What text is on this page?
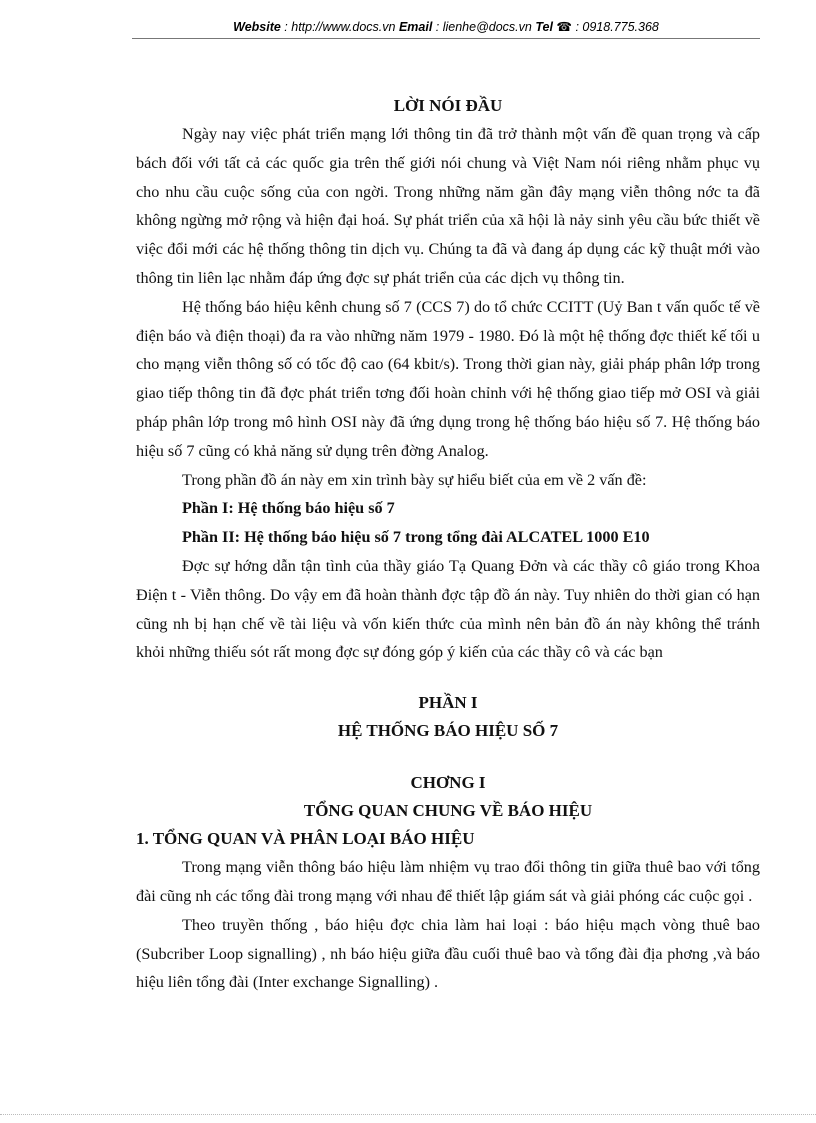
Website : http://www.docs.vn Email : lienhe@docs.vn Tel ☎ : 0918.775.368

LỜI NÓI ĐẦU

Ngày nay việc phát triển mạng lới thông tin đã trở thành một vấn đề quan trọng và cấp bách đối với tất cả các quốc gia trên thế giới nói chung và Việt Nam nói riêng nhằm phục vụ cho nhu cầu cuộc sống của con ngời. Trong những năm gần đây mạng viễn thông nớc ta đã không ngừng mở rộng và hiện đại hoá. Sự phát triển của xã hội là nảy sinh yêu cầu bức thiết về việc đổi mới các hệ thống thông tin dịch vụ. Chúng ta đã và đang áp dụng các kỹ thuật mới vào thông tin liên lạc nhằm đáp ứng đợc sự phát triển của các dịch vụ thông tin.

Hệ thống báo hiệu kênh chung số 7 (CCS 7) do tổ chức CCITT (Uỷ Ban t vấn quốc tế về điện báo và điện thoại) đa ra vào những năm 1979 - 1980. Đó là một hệ thống đợc thiết kế tối u cho mạng viễn thông số có tốc độ cao (64 kbit/s). Trong thời gian này, giải pháp phân lớp trong giao tiếp thông tin đã đợc phát triển tơng đối hoàn chỉnh với hệ thống giao tiếp mở OSI và giải pháp phân lớp trong mô hình OSI này đã ứng dụng trong hệ thống báo hiệu số 7. Hệ thống báo hiệu số 7 cũng có khả năng sử dụng trên đờng Analog.

Trong phần đồ án này em xin trình bày sự hiểu biết của em về 2 vấn đề:

Phần I: Hệ thống báo hiệu số 7

Phần II: Hệ thống báo hiệu số 7 trong tổng đài ALCATEL 1000 E10

Đợc sự hớng dẫn tận tình của thầy giáo Tạ Quang Đởn và các thầy cô giáo trong Khoa Điện t - Viễn thông. Do vậy em đã hoàn thành đợc tập đồ án này. Tuy nhiên do thời gian có hạn cũng nh bị hạn chế về tài liệu và vốn kiến thức của mình nên bản đồ án này không thể tránh khỏi những thiếu sót rất mong đợc sự đóng góp ý kiến của các thầy cô và các bạn

PHẦN I

HỆ THỐNG BÁO HIỆU SỐ 7

CHƠNG I

TỔNG QUAN CHUNG VỀ BÁO HIỆU

1. TỔNG QUAN VÀ PHÂN LOẠI BÁO HIỆU

Trong mạng viễn thông báo hiệu làm nhiệm vụ trao đổi thông tin giữa thuê bao với tổng đài cũng nh các tổng đài trong mạng với nhau để thiết lập giám sát và giải phóng các cuộc gọi .

Theo truyền thống , báo hiệu đợc chia làm hai loại : báo hiệu mạch vòng thuê bao (Subcriber Loop signalling) , nh báo hiệu giữa đầu cuối thuê bao và tổng đài địa phơng ,và báo hiệu liên tổng đài (Inter exchange Signalling) .
